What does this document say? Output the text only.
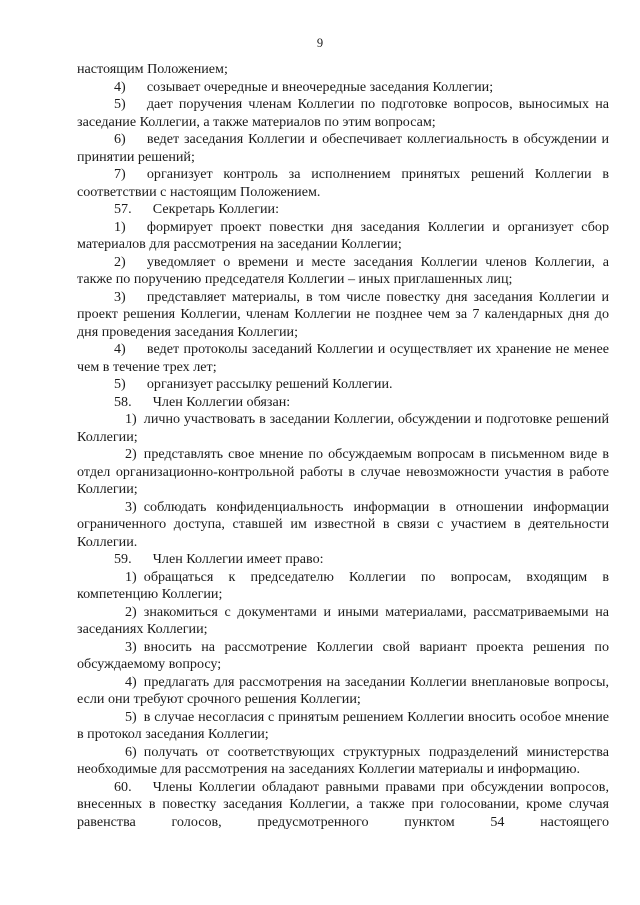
9

настоящим Положением;

4)  созывает очередные и внеочередные заседания Коллегии;

5)  дает поручения членам Коллегии по подготовке вопросов, выносимых на заседание Коллегии, а также материалов по этим вопросам;

6)  ведет заседания Коллегии и обеспечивает коллегиальность в обсуждении и принятии решений;

7)  организует контроль за исполнением принятых решений Коллегии в соответствии с настоящим Положением.

57.  Секретарь Коллегии:

1)  формирует проект повестки дня заседания Коллегии и организует сбор материалов для рассмотрения на заседании Коллегии;

2)  уведомляет о времени и месте заседания Коллегии членов Коллегии, а также по поручению председателя Коллегии – иных приглашенных лиц;

3)  представляет материалы, в том числе повестку дня заседания Коллегии и проект решения Коллегии, членам Коллегии не позднее чем за 7 календарных дня до дня проведения заседания Коллегии;

4)  ведет протоколы заседаний Коллегии и осуществляет их хранение не менее чем в течение трех лет;

5)  организует рассылку решений Коллегии.

58.  Член Коллегии обязан:

1) лично участвовать в заседании Коллегии, обсуждении и подготовке решений Коллегии;

2) представлять свое мнение по обсуждаемым вопросам в письменном виде в отдел организационно-контрольной работы в случае невозможности участия в работе Коллегии;

3) соблюдать конфиденциальность информации в отношении информации ограниченного доступа, ставшей им известной в связи с участием в деятельности Коллегии.

59.  Член Коллегии имеет право:

1) обращаться к председателю Коллегии по вопросам, входящим в компетенцию Коллегии;

2) знакомиться с документами и иными материалами, рассматриваемыми на заседаниях Коллегии;

3) вносить на рассмотрение Коллегии свой вариант проекта решения по обсуждаемому вопросу;

4) предлагать для рассмотрения на заседании Коллегии внеплановые вопросы, если они требуют срочного решения Коллегии;

5) в случае несогласия с принятым решением Коллегии вносить особое мнение в протокол заседания Коллегии;

6) получать от соответствующих структурных подразделений министерства необходимые для рассмотрения на заседаниях Коллегии материалы и информацию.

60.  Члены Коллегии обладают равными правами при обсуждении вопросов, внесенных в повестку заседания Коллегии, а также при голосовании, кроме случая равенства голосов, предусмотренного пунктом 54 настоящего
